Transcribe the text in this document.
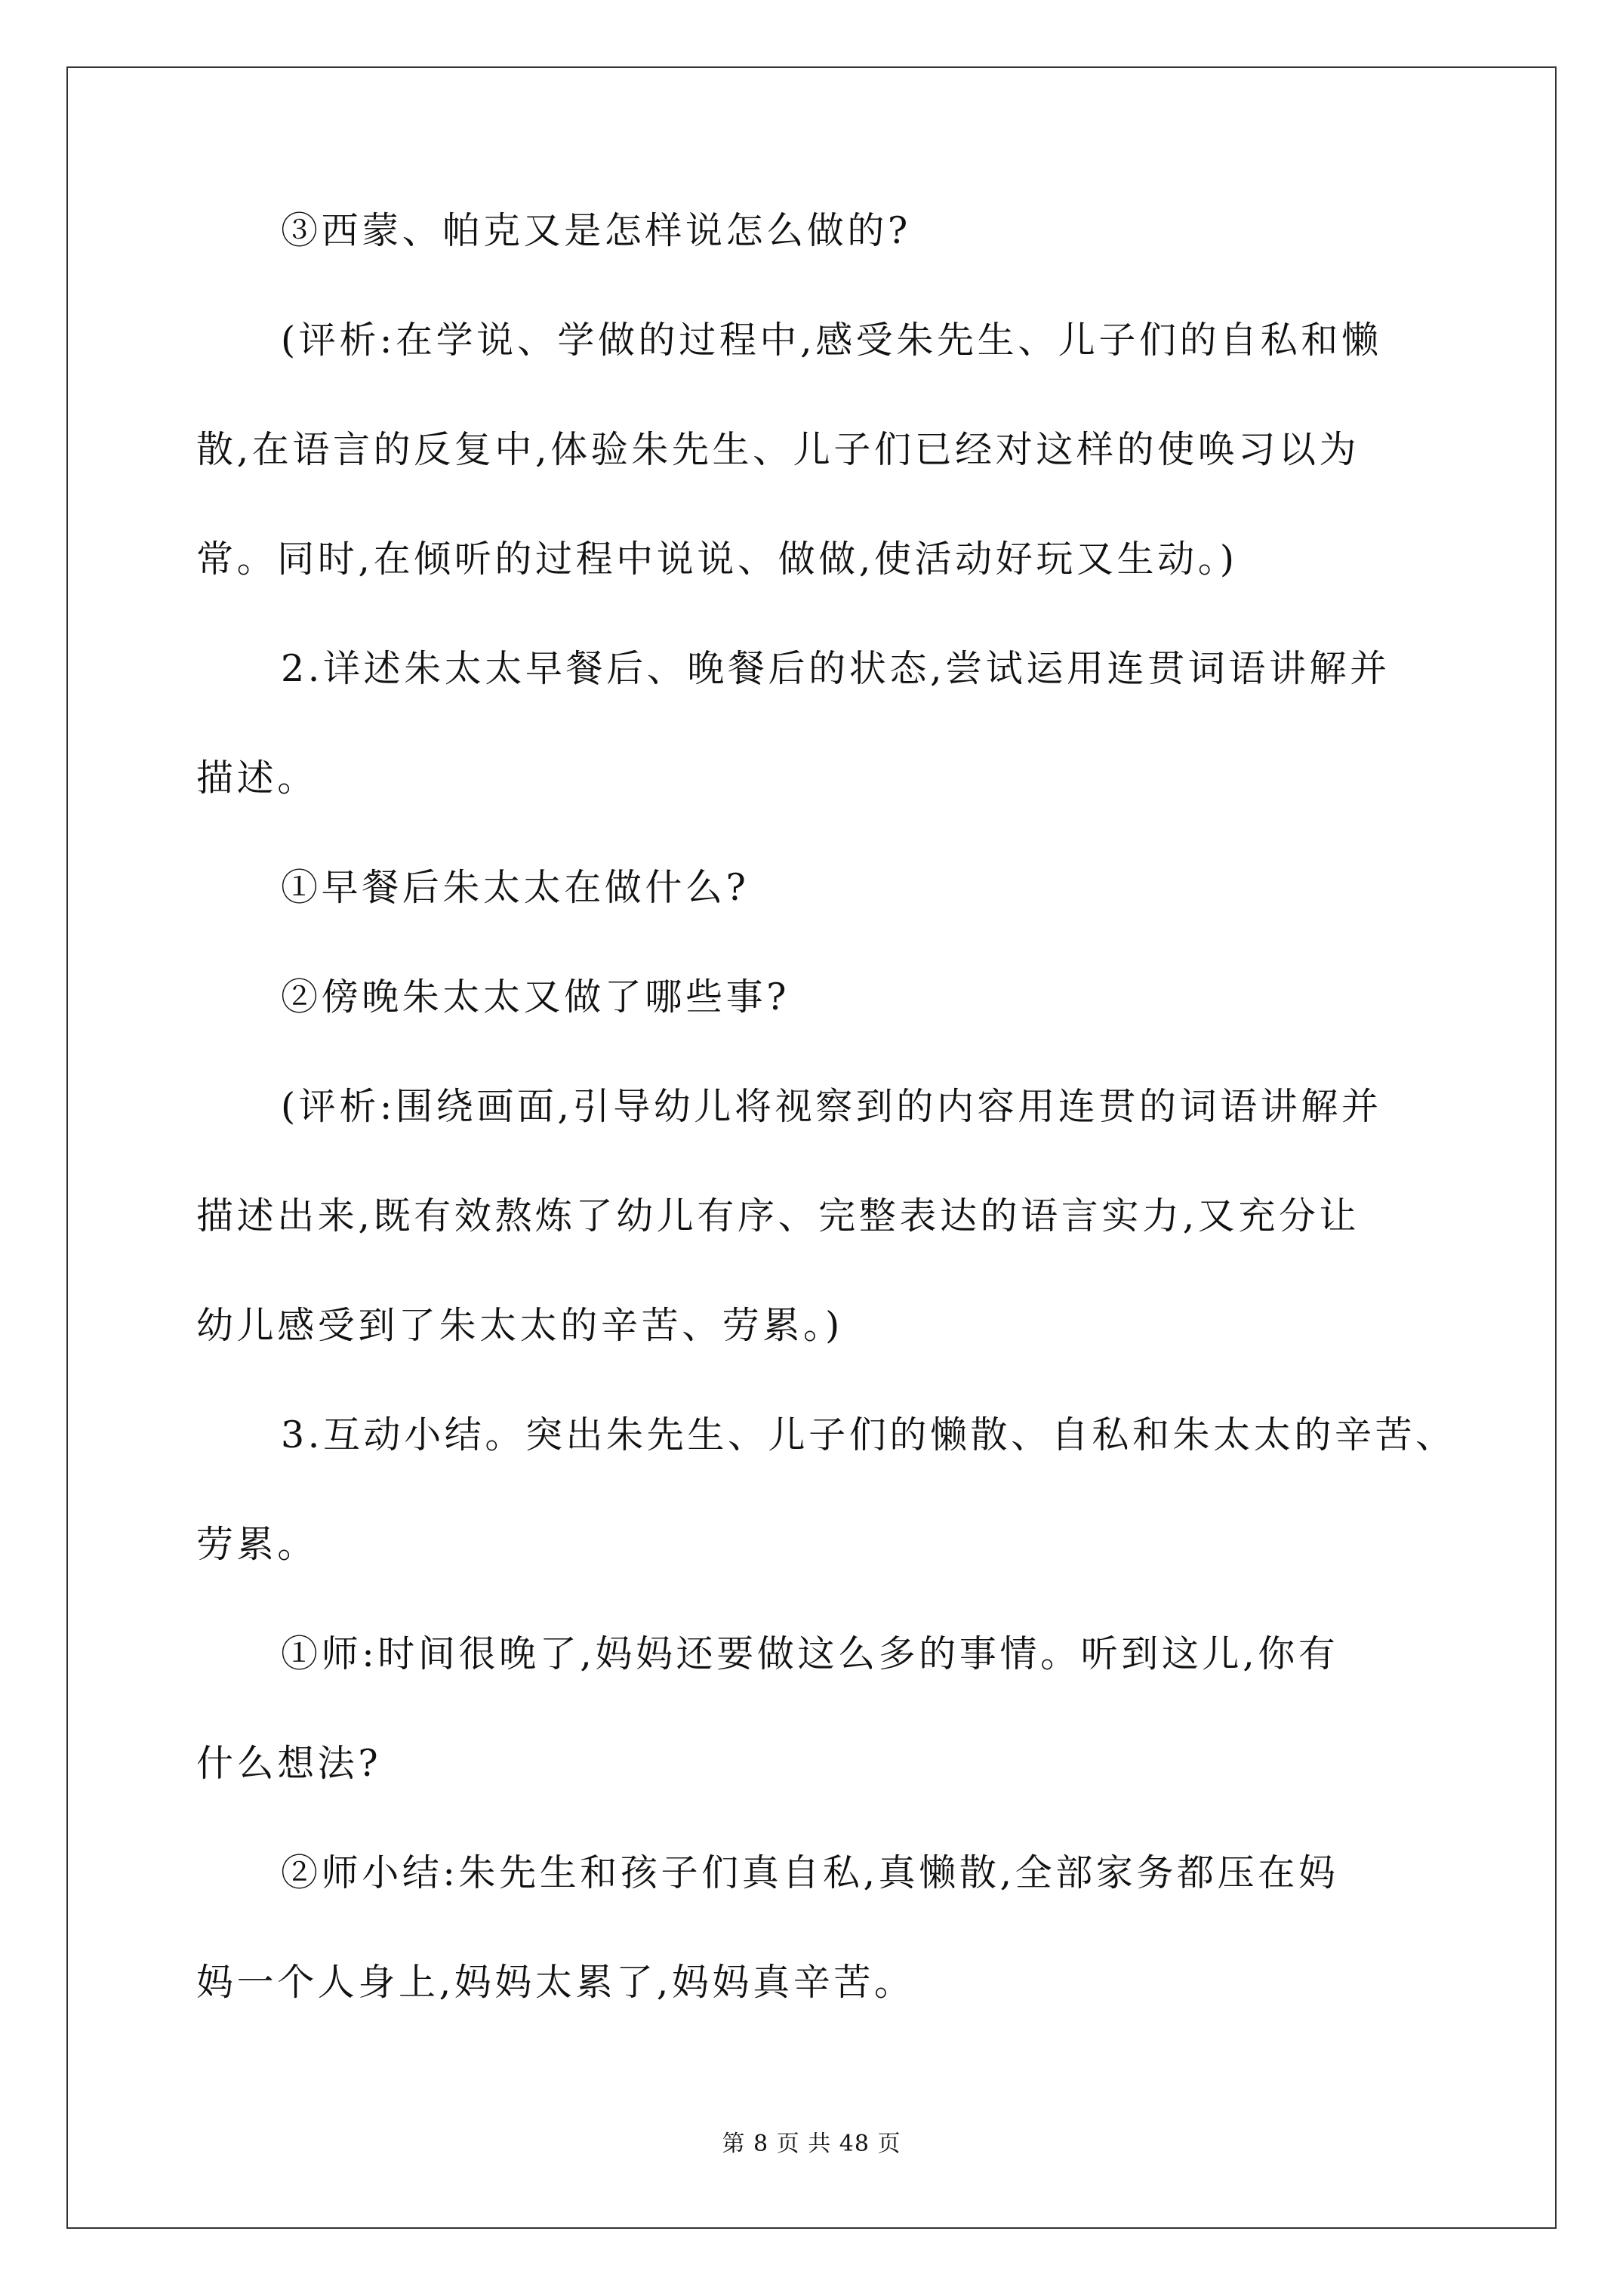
③西蒙、帕克又是怎样说怎么做的?
(评析:在学说、学做的过程中,感受朱先生、儿子们的自私和懒
散,在语言的反复中,体验朱先生、儿子们已经对这样的使唤习以为
常。同时,在倾听的过程中说说、做做,使活动好玩又生动。)
2.详述朱太太早餐后、晚餐后的状态,尝试运用连贯词语讲解并
描述。
①早餐后朱太太在做什么?
②傍晚朱太太又做了哪些事?
(评析:围绕画面,引导幼儿将视察到的内容用连贯的词语讲解并
描述出来,既有效熬炼了幼儿有序、完整表达的语言实力,又充分让
幼儿感受到了朱太太的辛苦、劳累。)
3.互动小结。突出朱先生、儿子们的懒散、自私和朱太太的辛苦、
劳累。
①师:时间很晚了,妈妈还要做这么多的事情。听到这儿,你有
什么想法?
②师小结:朱先生和孩子们真自私,真懒散,全部家务都压在妈
妈一个人身上,妈妈太累了,妈妈真辛苦。
第 8 页 共 48 页
